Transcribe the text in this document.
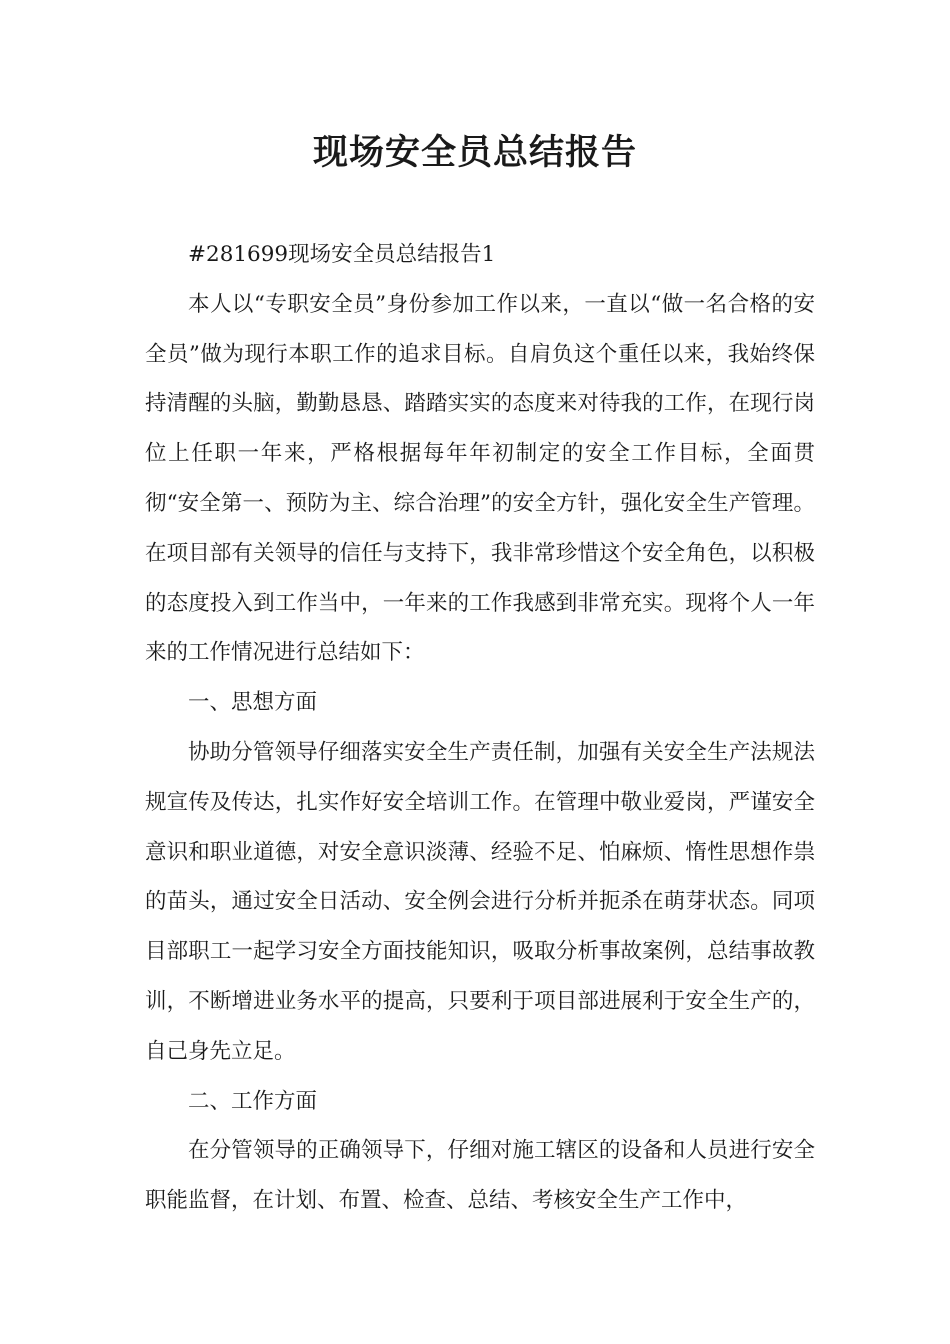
现场安全员总结报告

#281699现场安全员总结报告1

本人以“专职安全员”身份参加工作以来，一直以“做一名合格的安全员”做为现行本职工作的追求目标。自肩负这个重任以来，我始终保持清醒的头脑，勤勤恳恳、踏踏实实的态度来对待我的工作，在现行岗位上任职一年来，严格根据每年年初制定的安全工作目标，全面贯彻“安全第一、预防为主、综合治理”的安全方针，强化安全生产管理。在项目部有关领导的信任与支持下，我非常珍惜这个安全角色，以积极的态度投入到工作当中，一年来的工作我感到非常充实。现将个人一年来的工作情况进行总结如下：

一、思想方面

协助分管领导仔细落实安全生产责任制，加强有关安全生产法规法规宣传及传达，扎实作好安全培训工作。在管理中敬业爱岗，严谨安全意识和职业道德，对安全意识淡薄、经验不足、怕麻烦、惰性思想作祟的苗头，通过安全日活动、安全例会进行分析并扼杀在萌芽状态。同项目部职工一起学习安全方面技能知识，吸取分析事故案例，总结事故教训，不断增进业务水平的提高，只要利于项目部进展利于安全生产的，自己身先立足。

二、工作方面

在分管领导的正确领导下，仔细对施工辖区的设备和人员进行安全职能监督，在计划、布置、检查、总结、考核安全生产工作中，
